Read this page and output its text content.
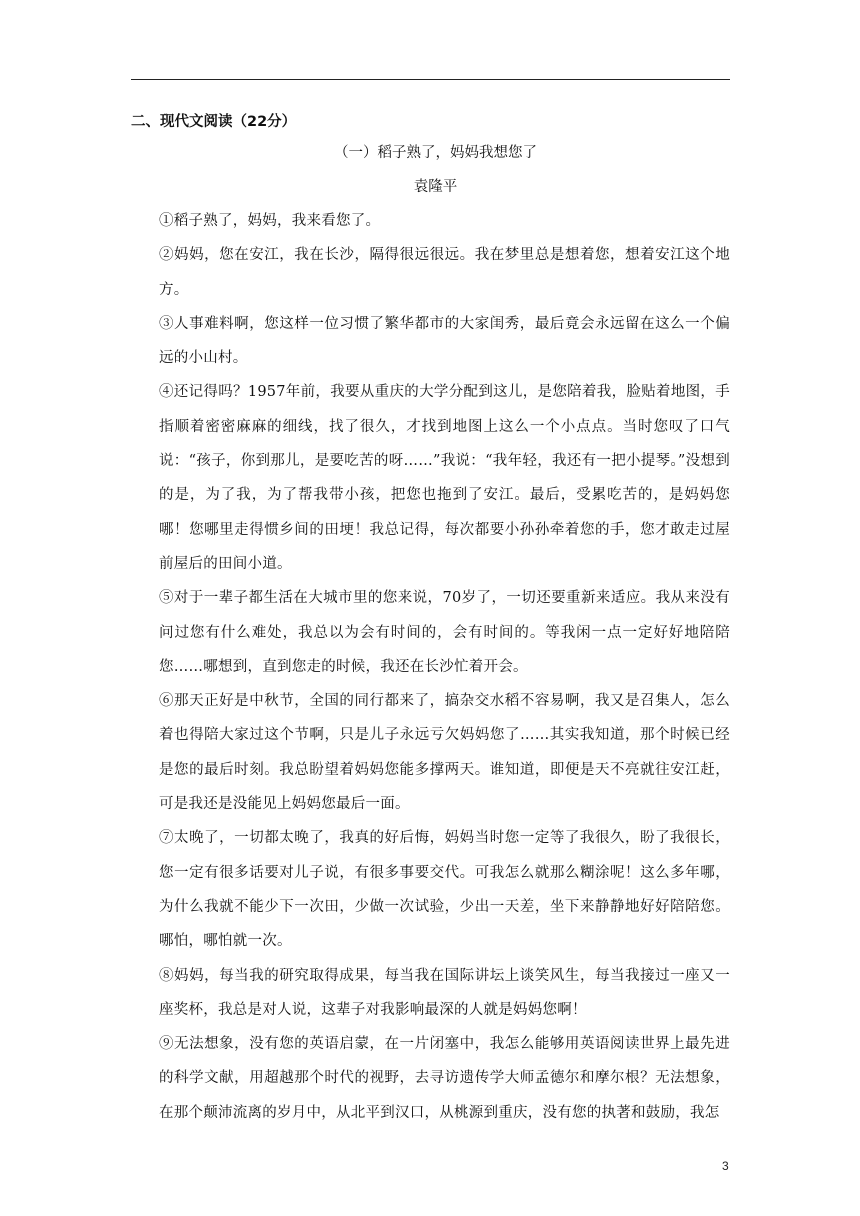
二、现代文阅读（22分）

（一）稻子熟了，妈妈我想您了

袁隆平

①稻子熟了，妈妈，我来看您了。

②妈妈，您在安江，我在长沙，隔得很远很远。我在梦里总是想着您，想着安江这个地方。

③人事难料啊，您这样一位习惯了繁华都市的大家闺秀，最后竟会永远留在这么一个偏远的小山村。

④还记得吗？1957年前，我要从重庆的大学分配到这儿，是您陪着我，脸贴着地图，手指顺着密密麻麻的细线，找了很久，才找到地图上这么一个小点点。当时您叹了口气说：“孩子，你到那儿，是要吃苦的呀……”我说：“我年轻，我还有一把小提琴。”没想到的是，为了我，为了帮我带小孩，把您也拖到了安江。最后，受累吃苦的，是妈妈您哪！您哪里走得惯乡间的田埂！我总记得，每次都要小孙孙牵着您的手，您才敢走过屋前屋后的田间小道。

⑤对于一辈子都生活在大城市里的您来说，70岁了，一切还要重新来适应。我从来没有问过您有什么难处，我总以为会有时间的，会有时间的。等我闲一点一定好好地陪陪您……哪想到，直到您走的时候，我还在长沙忙着开会。

⑥那天正好是中秋节，全国的同行都来了，搞杂交水稻不容易啊，我又是召集人，怎么着也得陪大家过这个节啊，只是儿子永远亏欠妈妈您了……其实我知道，那个时候已经是您的最后时刻。我总盼望着妈妈您能多撑两天。谁知道，即便是天不亮就往安江赶，可是我还是没能见上妈妈您最后一面。

⑦太晚了，一切都太晚了，我真的好后悔，妈妈当时您一定等了我很久，盼了我很长，您一定有很多话要对儿子说，有很多事要交代。可我怎么就那么糊涂呢！这么多年哪，为什么我就不能少下一次田，少做一次试验，少出一天差，坐下来静静地好好陪陪您。哪怕，哪怕就一次。

⑧妈妈，每当我的研究取得成果，每当我在国际讲坛上谈笑风生，每当我接过一座又一座奖杯，我总是对人说，这辈子对我影响最深的人就是妈妈您啊！

⑨无法想象，没有您的英语启蒙，在一片闭塞中，我怎么能够用英语阅读世界上最先进的科学文献，用超越那个时代的视野，去寻访遗传学大师孟德尔和摩尔根？无法想象，在那个颠沛流离的岁月中，从北平到汉口，从桃源到重庆，没有您的执著和鼓励，我怎

3
